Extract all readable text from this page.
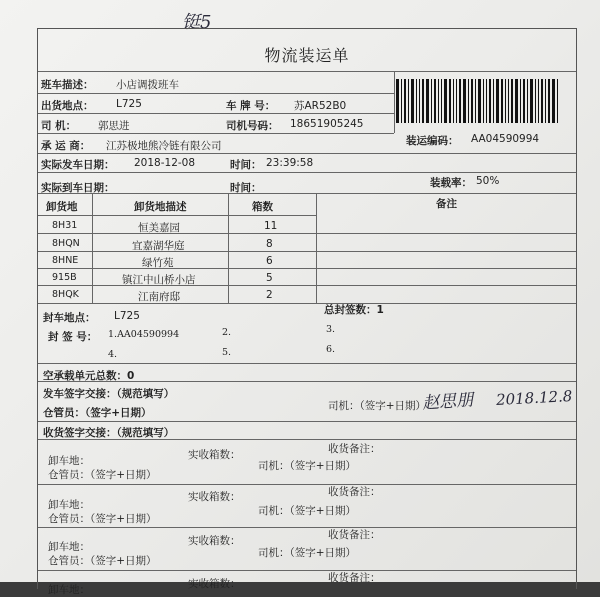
铤5
物流装运单
班车描述： 小店调拨班车
出货地点： L725	车 牌 号： 苏AR52B0
司 机： 郭思进	司机号码： 18651905245
承 运 商： 江苏极地熊冷链有限公司	装运编码： AA04590994
实际发车日期： 2018-12-08	时间： 23:39:58
实际到车日期：	时间：	装载率： 50%
卸货地	卸货地描述	箱数	备注
8H31	恒美嘉园	11
8HQN	宜嘉湖华庭	8
8HNE	绿竹苑	6
915B	镇江中山桥小店	5
8HQK	江南府邸	2
封车地点： L725	总封签数：1
封 签 号： 1.AA04590994	2.	3.
4.	5.	6.
空承载单元总数：0
发车签字交接：（规范填写）
仓管员：（签字+日期）
司机：（签字+日期）
赵思朋 2018.12.8
收货签字交接：（规范填写）
卸车地：	实收箱数：	收货备注：
仓管员：（签字+日期）
司机：（签字+日期）
卸车地：
实收箱数：	收货备注：
仓管员：（签字+日期）
司机：（签字+日期）
卸车地：	实收箱数：	收货备注：
仓管员：（签字+日期）
司机：（签字+日期）
卸车地：	实收箱数：	收货备注：
